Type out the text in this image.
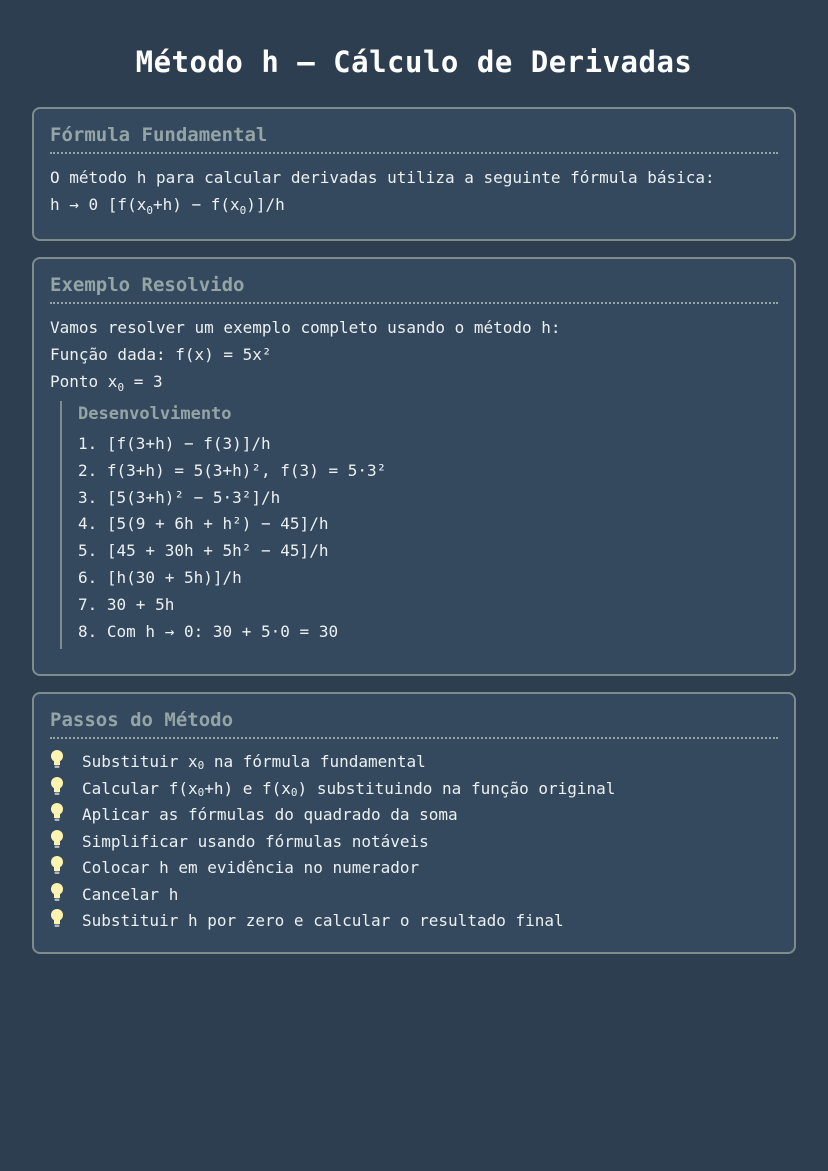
Método h – Cálculo de Derivadas
Fórmula Fundamental
O método h para calcular derivadas utiliza a seguinte fórmula básica:
h → 0 $[f(x_0+h) - f(x_0)]/h$
Exemplo Resolvido
Vamos resolver um exemplo completo usando o método h:
Função dada: f(x) = 5x²
Ponto $x_0 = 3$
Desenvolvimento
1. [f(3+h) − f(3)]/h
2. f(3+h) = 5(3+h)², f(3) = 5·3²
3. [5(3+h)² − 5·3²]/h
4. [5(9 + 6h + h²) − 45]/h
5. [45 + 30h + 5h² − 45]/h
6. [h(30 + 5h)]/h
7. 30 + 5h
8. Com h → 0: 30 + 5·0 = 30
Passos do Método
Substituir x 0 na fórmula fundamental
Calcular f(x 0 +h) e f(x 0 ) substituindo na função original
Aplicar as fórmulas do quadrado da soma
Simplificar usando fórmulas notáveis
Colocar h em evidência no numerador
Cancelar h
Substituir h por zero e calcular o resultado final
